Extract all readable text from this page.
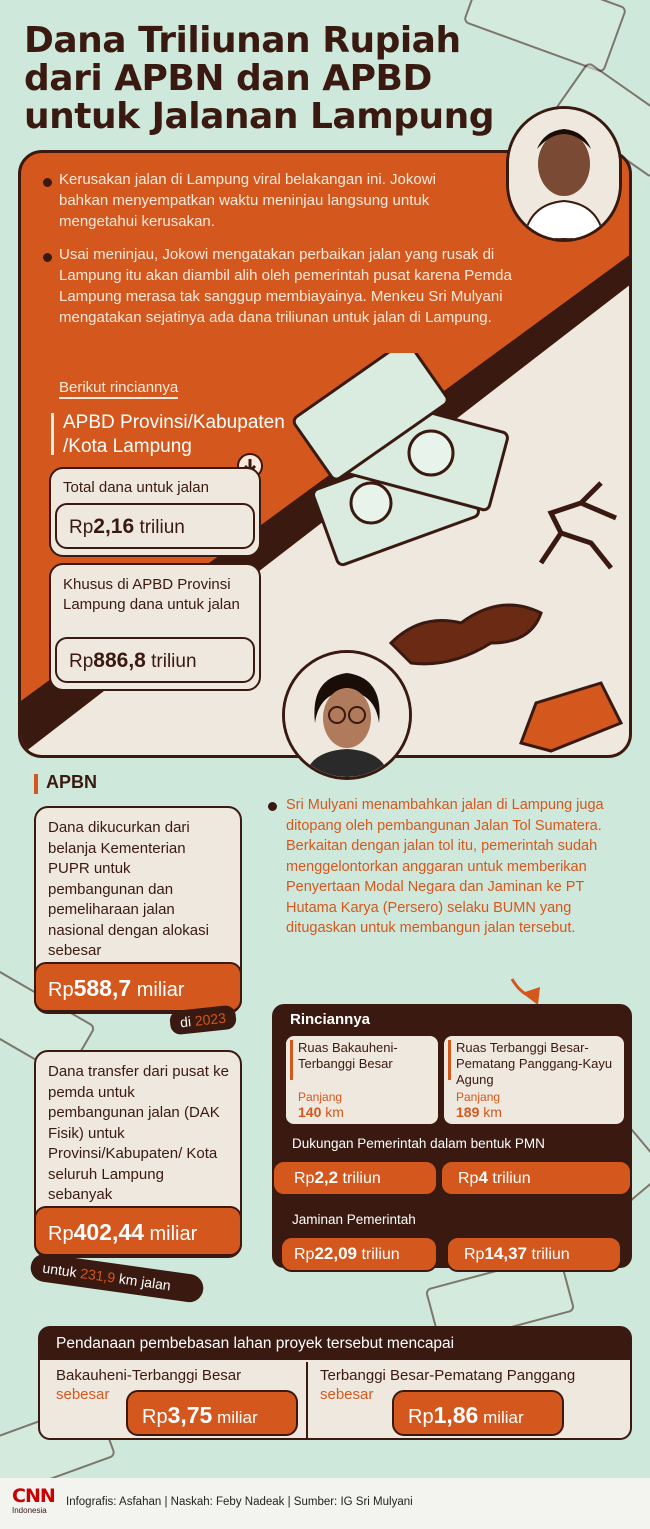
Dana Triliunan Rupiah
dari APBN dan APBD
untuk Jalanan Lampung
Kerusakan jalan di Lampung viral belakangan ini. Jokowi bahkan menyempatkan waktu meninjau langsung untuk mengetahui kerusakan.
Usai meninjau, Jokowi mengatakan perbaikan jalan yang rusak di Lampung itu akan diambil alih oleh pemerintah pusat karena Pemda Lampung merasa tak sanggup membiayainya. Menkeu Sri Mulyani mengatakan sejatinya ada dana triliunan untuk jalan di Lampung.
Berikut rinciannya
APBD Provinsi/Kabupaten
/Kota Lampung
Total dana untuk jalan
Rp2,16 triliun
Khusus di APBD Provinsi Lampung dana untuk jalan
Rp886,8 triliun
APBN
Dana dikucurkan dari belanja Kementerian PUPR untuk pembangunan dan pemeliharaan jalan nasional dengan alokasi sebesar
Rp588,7 miliar
di 2023
Dana transfer dari pusat ke pemda untuk pembangunan jalan (DAK Fisik) untuk Provinsi/Kabupaten/ Kota seluruh Lampung sebanyak
Rp402,44 miliar
untuk 231,9 km jalan
Sri Mulyani menambahkan jalan di Lampung juga ditopang oleh pembangunan Jalan Tol Sumatera. Berkaitan dengan jalan tol itu, pemerintah sudah menggelontorkan anggaran untuk memberikan Penyertaan Modal Negara dan Jaminan ke PT Hutama Karya (Persero) selaku BUMN yang ditugaskan untuk membangun jalan tersebut.
Rinciannya
Ruas Bakauheni-Terbanggi Besar
Panjang
140 km
Ruas Terbanggi Besar-Pematang Panggang-Kayu Agung
Panjang
189 km
Dukungan Pemerintah dalam bentuk PMN
Rp2,2 triliun	Rp4 triliun
Jaminan Pemerintah
Rp22,09 triliun	Rp14,37 triliun
Pendanaan pembebasan lahan proyek tersebut mencapai
Bakauheni-Terbanggi Besar
sebesar
Rp3,75 miliar
Terbanggi Besar-Pematang Panggang
sebesar
Rp1,86 miliar
CNN
Indonesia
Infografis: Asfahan | Naskah: Feby Nadeak | Sumber: IG Sri Mulyani
